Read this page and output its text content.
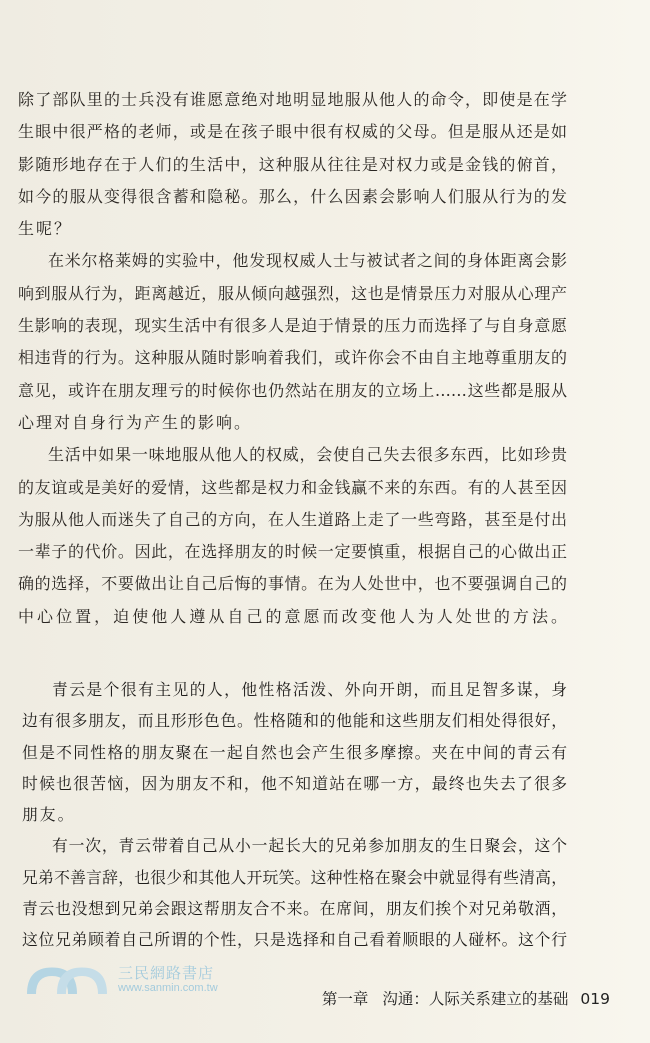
除了部队里的士兵没有谁愿意绝对地明显地服从他人的命令，即使是在学
生眼中很严格的老师，或是在孩子眼中很有权威的父母。但是服从还是如
影随形地存在于人们的生活中，这种服从往往是对权力或是金钱的俯首，
如今的服从变得很含蓄和隐秘。那么，什么因素会影响人们服从行为的发
生呢？
在米尔格莱姆的实验中，他发现权威人士与被试者之间的身体距离会影
响到服从行为，距离越近，服从倾向越强烈，这也是情景压力对服从心理产
生影响的表现，现实生活中有很多人是迫于情景的压力而选择了与自身意愿
相违背的行为。这种服从随时影响着我们，或许你会不由自主地尊重朋友的
意见，或许在朋友理亏的时候你也仍然站在朋友的立场上……这些都是服从
心理对自身行为产生的影响。
生活中如果一味地服从他人的权威，会使自己失去很多东西，比如珍贵
的友谊或是美好的爱情，这些都是权力和金钱赢不来的东西。有的人甚至因
为服从他人而迷失了自己的方向，在人生道路上走了一些弯路，甚至是付出
一辈子的代价。因此，在选择朋友的时候一定要慎重，根据自己的心做出正
确的选择，不要做出让自己后悔的事情。在为人处世中，也不要强调自己的
中心位置，迫使他人遵从自己的意愿而改变他人为人处世的方法。
青云是个很有主见的人，他性格活泼、外向开朗，而且足智多谋，身
边有很多朋友，而且形形色色。性格随和的他能和这些朋友们相处得很好，
但是不同性格的朋友聚在一起自然也会产生很多摩擦。夹在中间的青云有
时候也很苦恼，因为朋友不和，他不知道站在哪一方，最终也失去了很多
朋友。
有一次，青云带着自己从小一起长大的兄弟参加朋友的生日聚会，这个
兄弟不善言辞，也很少和其他人开玩笑。这种性格在聚会中就显得有些清高，
青云也没想到兄弟会跟这帮朋友合不来。在席间，朋友们挨个对兄弟敬酒，
这位兄弟顾着自己所谓的个性，只是选择和自己看着顺眼的人碰杯。这个行
三民網路書店
www.sanmin.com.tw
第一章 沟通：人际关系建立的基础 019
